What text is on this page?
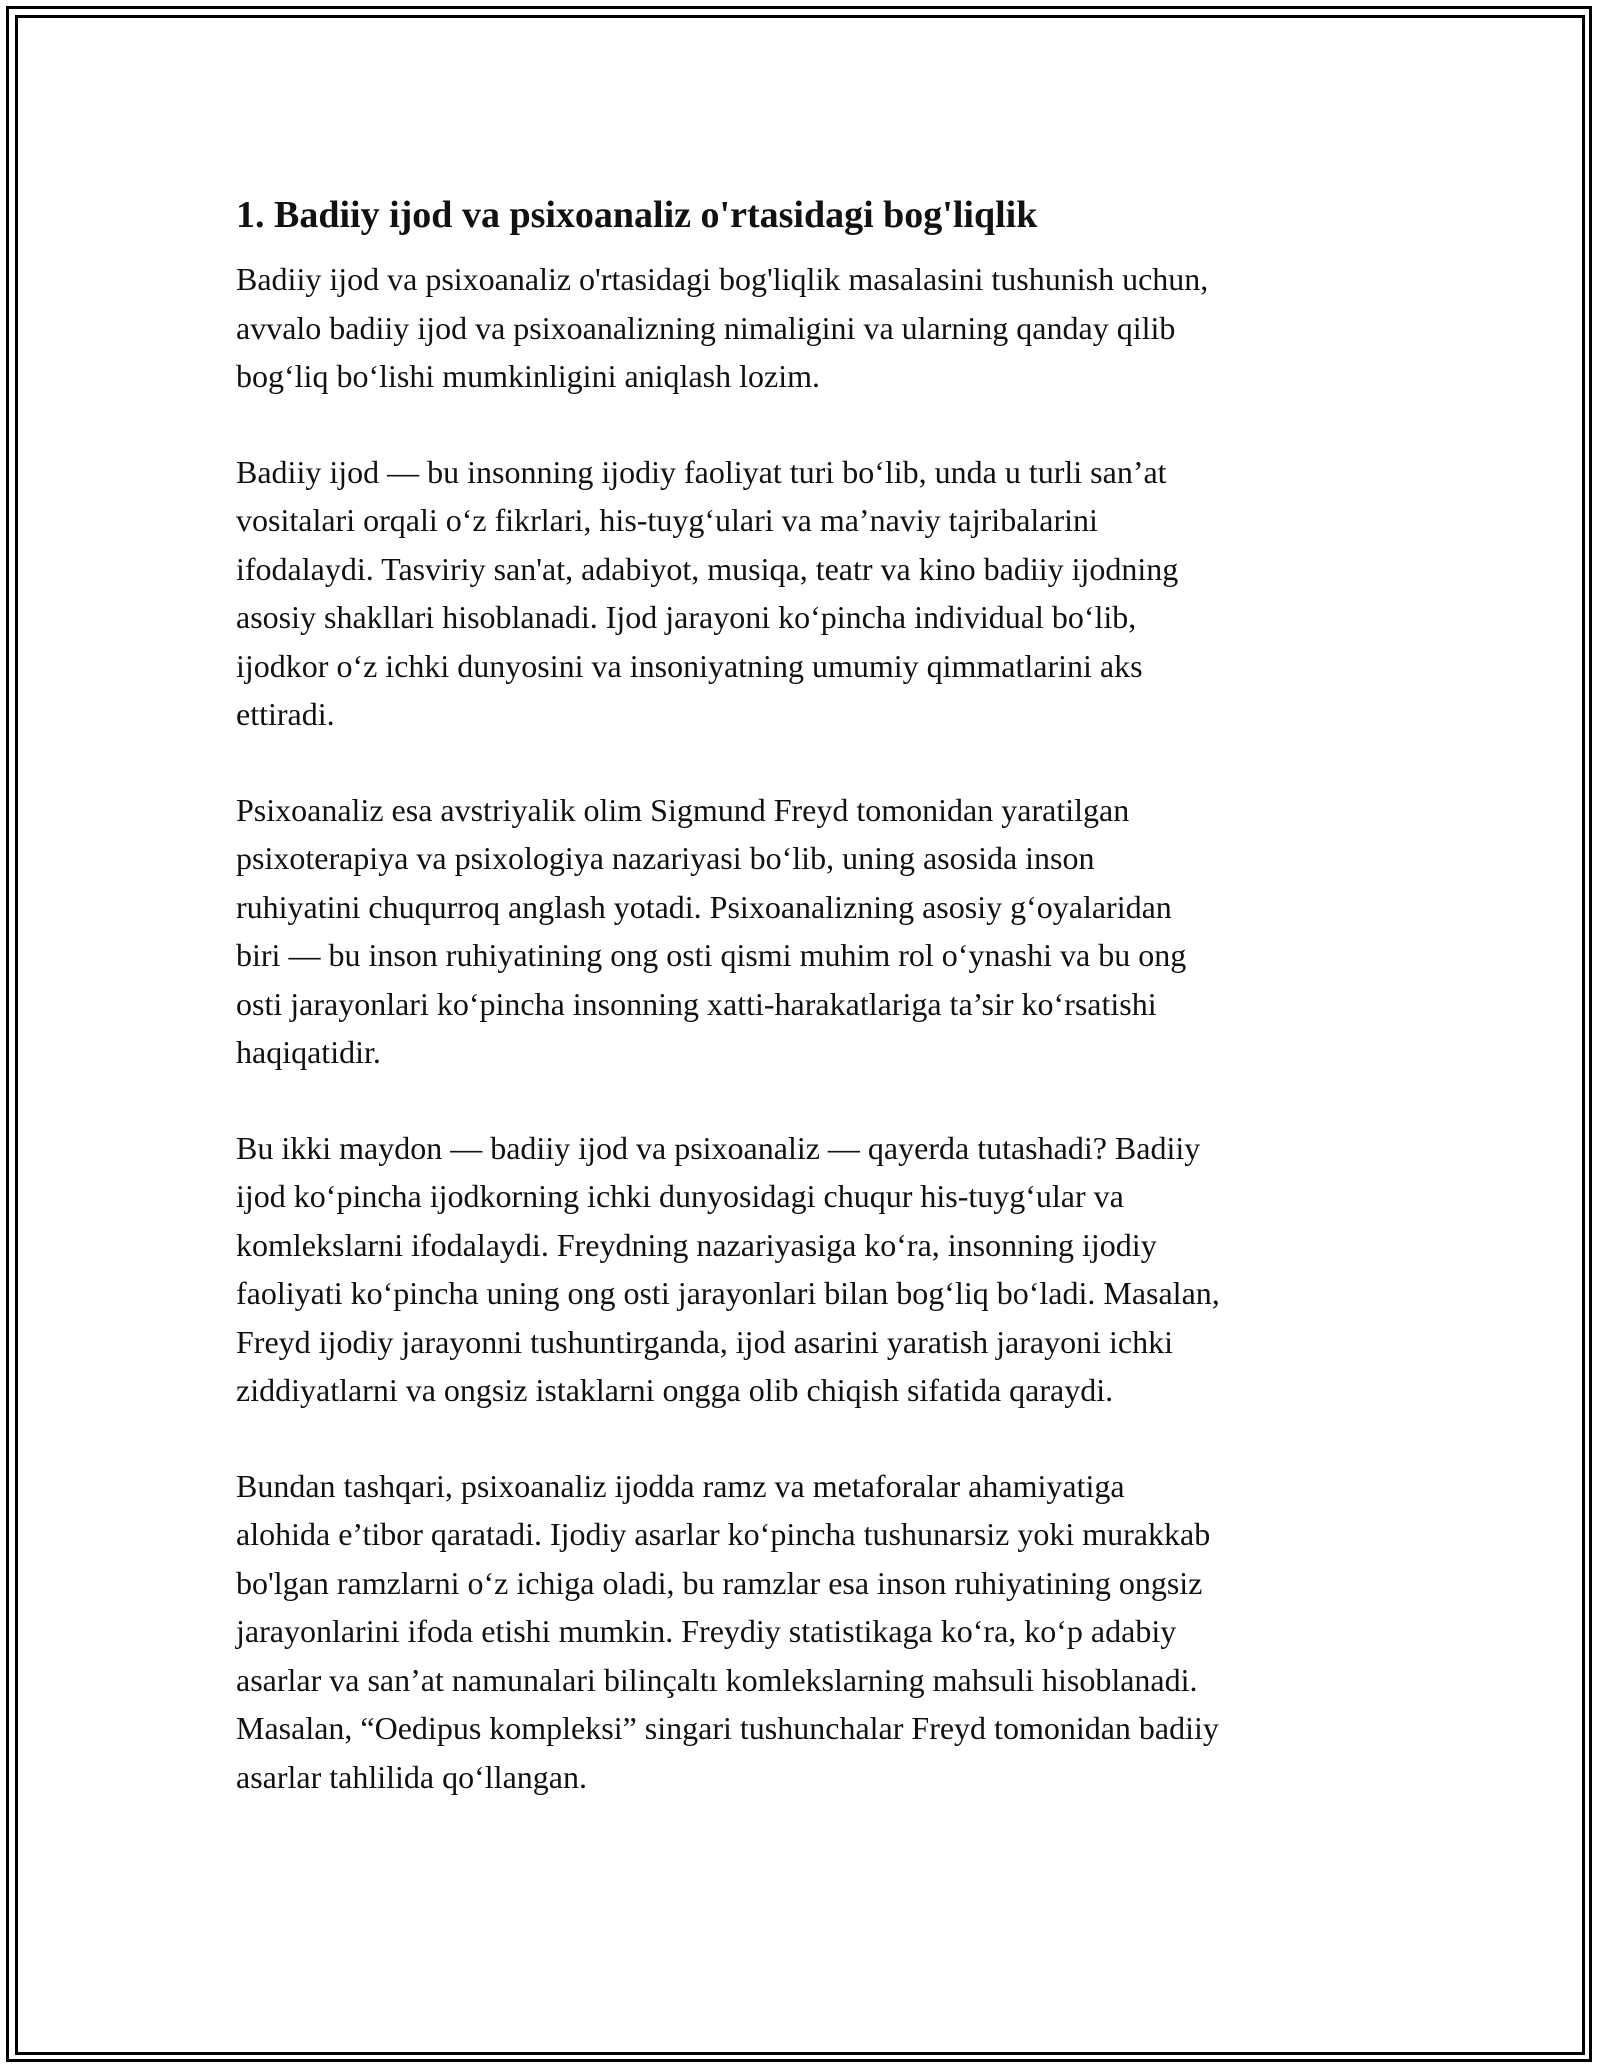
1. Badiiy ijod va psixoanaliz o'rtasidagi bog'liqlik

Badiiy ijod va psixoanaliz o'rtasidagi bog'liqlik masalasini tushunish uchun,
avvalo badiiy ijod va psixoanalizning nimaligini va ularning qanday qilib
bog‘liq bo‘lishi mumkinligini aniqlash lozim.

Badiiy ijod — bu insonning ijodiy faoliyat turi bo‘lib, unda u turli san’at
vositalari orqali o‘z fikrlari, his-tuyg‘ulari va ma’naviy tajribalarini
ifodalaydi. Tasviriy san'at, adabiyot, musiqa, teatr va kino badiiy ijodning
asosiy shakllari hisoblanadi. Ijod jarayoni ko‘pincha individual bo‘lib,
ijodkor o‘z ichki dunyosini va insoniyatning umumiy qimmatlarini aks
ettiradi.

Psixoanaliz esa avstriyalik olim Sigmund Freyd tomonidan yaratilgan
psixoterapiya va psixologiya nazariyasi bo‘lib, uning asosida inson
ruhiyatini chuqurroq anglash yotadi. Psixoanalizning asosiy g‘oyalaridan
biri — bu inson ruhiyatining ong osti qismi muhim rol o‘ynashi va bu ong
osti jarayonlari ko‘pincha insonning xatti-harakatlariga ta’sir ko‘rsatishi
haqiqatidir.

Bu ikki maydon — badiiy ijod va psixoanaliz — qayerda tutashadi? Badiiy
ijod ko‘pincha ijodkorning ichki dunyosidagi chuqur his-tuyg‘ular va
komlekslarni ifodalaydi. Freydning nazariyasiga ko‘ra, insonning ijodiy
faoliyati ko‘pincha uning ong osti jarayonlari bilan bog‘liq bo‘ladi. Masalan,
Freyd ijodiy jarayonni tushuntirganda, ijod asarini yaratish jarayoni ichki
ziddiyatlarni va ongsiz istaklarni ongga olib chiqish sifatida qaraydi.

Bundan tashqari, psixoanaliz ijodda ramz va metaforalar ahamiyatiga
alohida e’tibor qaratadi. Ijodiy asarlar ko‘pincha tushunarsiz yoki murakkab
bo'lgan ramzlarni o‘z ichiga oladi, bu ramzlar esa inson ruhiyatining ongsiz
jarayonlarini ifoda etishi mumkin. Freydiy statistikaga ko‘ra, ko‘p adabiy
asarlar va san’at namunalari bilinçaltı komlekslarning mahsuli hisoblanadi.
Masalan, “Oedipus kompleksi” singari tushunchalar Freyd tomonidan badiiy
asarlar tahlilida qo‘llangan.
